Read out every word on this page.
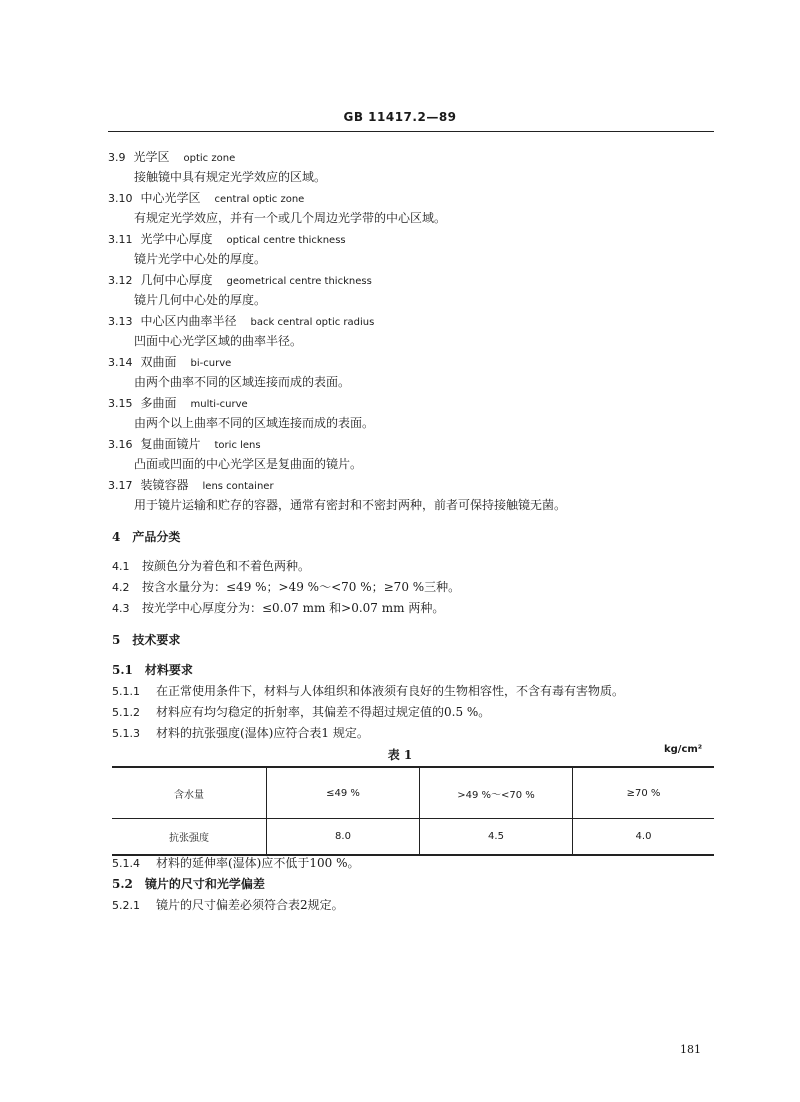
GB 11417.2—89
3.9 光学区 optic zone
接触镜中具有规定光学效应的区域。
3.10 中心光学区 central optic zone
有规定光学效应，并有一个或几个周边光学带的中心区域。
3.11 光学中心厚度 optical centre thickness
镜片光学中心处的厚度。
3.12 几何中心厚度 geometrical centre thickness
镜片几何中心处的厚度。
3.13 中心区内曲率半径 back central optic radius
凹面中心光学区域的曲率半径。
3.14 双曲面 bi-curve
由两个曲率不同的区域连接而成的表面。
3.15 多曲面 multi-curve
由两个以上曲率不同的区域连接而成的表面。
3.16 复曲面镜片 toric lens
凸面或凹面的中心光学区是复曲面的镜片。
3.17 装镜容器 lens container
用于镜片运输和贮存的容器，通常有密封和不密封两种，前者可保持接触镜无菌。
4　产品分类
4.1 按颜色分为着色和不着色两种。
4.2 按含水量分为：≤49 %；>49 %～<70 %；≥70 %三种。
4.3 按光学中心厚度分为：≤0.07 mm 和>0.07 mm 两种。
5　技术要求
5.1　材料要求
5.1.1 在正常使用条件下，材料与人体组织和体液须有良好的生物相容性，不含有毒有害物质。
5.1.2 材料应有均匀稳定的折射率，其偏差不得超过规定值的0.5 %。
5.1.3 材料的抗张强度(湿体)应符合表1 规定。
表 1	kg/cm²
含水量	≤49 %	>49 %～<70 %	≥70 %
抗张强度	8.0	4.5	4.0
5.1.4 材料的延伸率(湿体)应不低于100 %。
5.2　镜片的尺寸和光学偏差
5.2.1 镜片的尺寸偏差必须符合表2规定。
181
